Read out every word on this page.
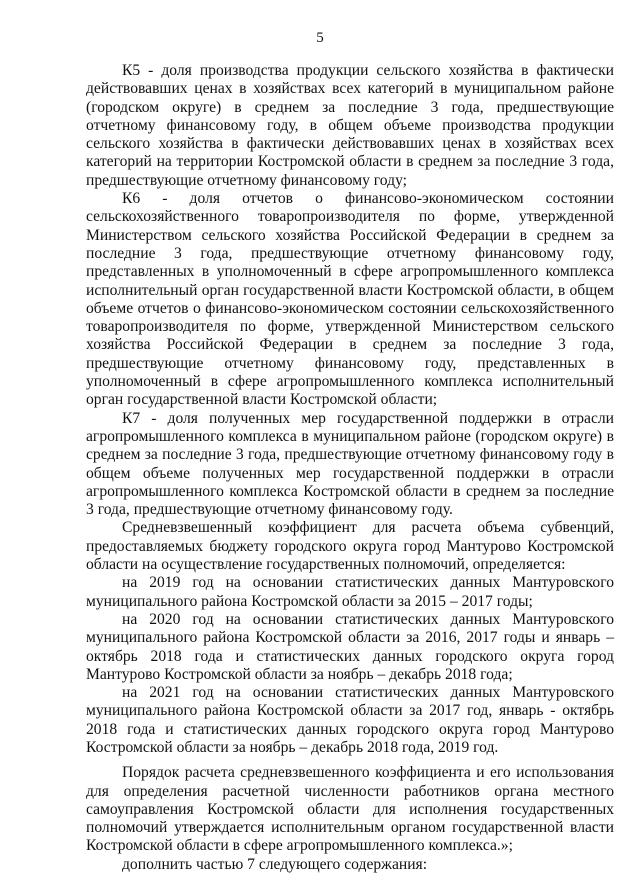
5

К5 - доля производства продукции сельского хозяйства в фактически действовавших ценах в хозяйствах всех категорий в муниципальном районе (городском округе) в среднем за последние 3 года, предшествующие отчетному финансовому году, в общем объеме производства продукции сельского хозяйства в фактически действовавших ценах в хозяйствах всех категорий на территории Костромской области в среднем за последние 3 года, предшествующие отчетному финансовому году;

К6 - доля отчетов о финансово-экономическом состоянии сельскохозяйственного товаропроизводителя по форме, утвержденной Министерством сельского хозяйства Российской Федерации в среднем за последние 3 года, предшествующие отчетному финансовому году, представленных в уполномоченный в сфере агропромышленного комплекса исполнительный орган государственной власти Костромской области, в общем объеме отчетов о финансово-экономическом состоянии сельскохозяйственного товаропроизводителя по форме, утвержденной Министерством сельского хозяйства Российской Федерации в среднем за последние 3 года, предшествующие отчетному финансовому году, представленных в уполномоченный в сфере агропромышленного комплекса исполнительный орган государственной власти Костромской области;

К7 - доля полученных мер государственной поддержки в отрасли агропромышленного комплекса в муниципальном районе (городском округе) в среднем за последние 3 года, предшествующие отчетному финансовому году в общем объеме полученных мер государственной поддержки в отрасли агропромышленного комплекса Костромской области в среднем за последние 3 года, предшествующие отчетному финансовому году.

Средневзвешенный коэффициент для расчета объема субвенций, предоставляемых бюджету городского округа город Мантурово Костромской области на осуществление государственных полномочий, определяется:

на 2019 год на основании статистических данных Мантуровского муниципального района Костромской области за 2015 – 2017 годы;

на 2020 год на основании статистических данных Мантуровского муниципального района Костромской области за 2016, 2017 годы и январь – октябрь 2018 года и статистических данных городского округа город Мантурово Костромской области за ноябрь – декабрь 2018 года;

на 2021 год на основании статистических данных Мантуровского муниципального района Костромской области за 2017 год, январь - октябрь 2018 года и статистических данных городского округа город Мантурово Костромской области за ноябрь – декабрь 2018 года, 2019 год.

Порядок расчета средневзвешенного коэффициента и его использования для определения расчетной численности работников органа местного самоуправления Костромской области для исполнения государственных полномочий утверждается исполнительным органом государственной власти Костромской области в сфере агропромышленного комплекса.»;

дополнить частью 7 следующего содержания:
